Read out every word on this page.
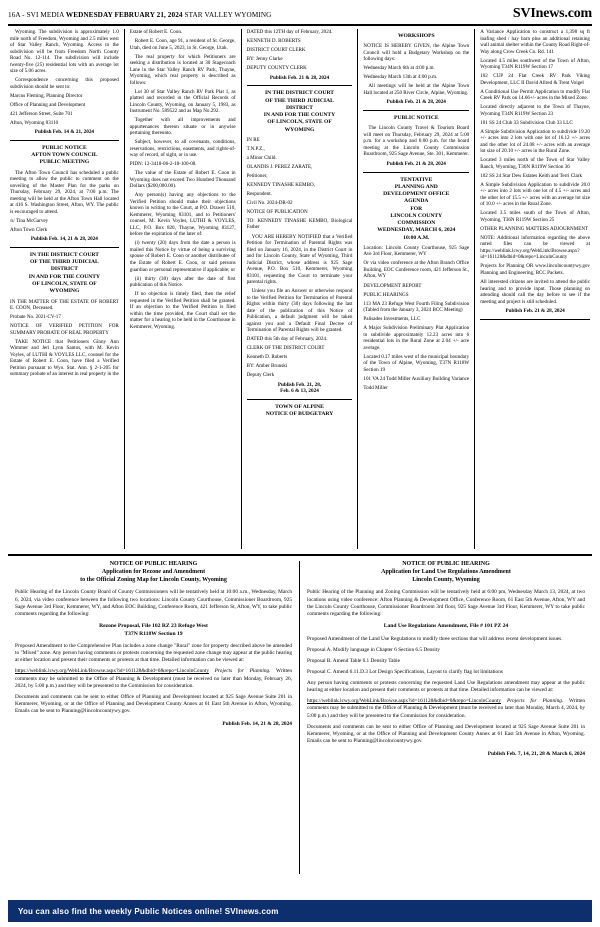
16A - SVI MEDIA WEDNESDAY FEBRUARY 21, 2024 STAR VALLEY WYOMING	SVInews.com

Wyoming. The subdivision is approximately 1.0 mile north of Freedom, Wyoming and 2.5 miles west of Star Valley Ranch, Wyoming. Access to the subdivision will be from Freedom North County Road No. 12-114. The subdivision will include twenty-five (25) residential lots with an average lot size of 5.06 acres.

Correspondence concerning this proposed subdivision should be sent to:

Marcus Fleming, Planning Director

Office of Planning and Development

421 Jefferson Street, Suite 701

Afton, Wyoming 83110

Publish Feb. 14 & 21, 2024
PUBLIC NOTICE
AFTON TOWN COUNCIL
PUBLIC MEETING

The Afton Town Council has scheduled a public meeting to allow the public to comment on the unveiling of the Master Plan for the parks on Thursday, February 29, 2024, at 7:00 p.m. The meeting will be held at the Afton Town Hall located at 416 S. Washington Street, Afton, WY. The public is encouraged to attend.

/s/ Tina McGarvey

Afton Town Clerk

Publish Feb. 14, 21 & 28, 2024
IN THE DISTRICT COURT
OF THE THIRD JUDICIAL
DISTRICT
IN AND FOR THE COUNTY
OF LINCOLN, STATE OF
WYOMING

IN THE MATTER OF THE ESTATE OF ROBERT E. COON, Deceased.

Probate No. 2021-CV-17

NOTICE OF VERIFIED PETITION FOR SUMMARY PROBATE OF REAL PROPERTY

TAKE NOTICE that Petitioners Ginny Ann Wimmer and Jeri Lynn Santos, with M. Kevin Voyles, of LUTHI & VOYLES LLC, counsel for the Estate of Robert E. Coon, have filed a Verified Petition pursuant to Wyo. Stat. Ann. § 2-1-205 for summary probate of an interest in real property in the

Estate of Robert E. Coon.

Robert E. Coon, age 91, a resident of St. George, Utah, died on June 5, 2023, in St. George, Utah.

The real property for which Petitioners are seeking a distribution is located at 30 Stagecoach Lane in the Star Valley Ranch RV Park, Thayne, Wyoming, which real property is described as follows:

Lot 30 of Star Valley Ranch RV Park Plat 1, as platted and recorded in the Official Records of Lincoln County, Wyoming, on January 5, 1983, as Instrument No. 589522 and as Map No.292.

Together with all improvements and appurtenances thereon situate or in anywise pertaining thereunto.

Subject, however, to all covenants, conditions, reservations, restrictions, easements, and rights-of-way of record, of sight, or in use.

PIDN: 12-3418-06-2-18-100-08.

The value of the Estate of Robert E. Coon in Wyoming does not exceed Two Hundred Thousand Dollars ($200,000.00).

Any person(s) having any objections to the Verified Petition should make their objections known in writing to the Court, at P.O. Drawer 510, Kemmerer, Wyoming 83101, and to Petitioners' counsel, M. Kevin Voyles, LUTHI & VOYLES, LLC, P.O. Box 820, Thayne, Wyoming 83127, before the expiration of the later of:

(i) twenty (20) days from the date a person is mailed this Notice by virtue of being a surviving spouse of Robert E. Coon or another distributee of the Estate of Robert E. Coon, or said persons guardian or personal representative if applicable; or

(ii) thirty (30) days after the date of first publication of this Notice.

If no objection is timely filed, then the relief requested in the Verified Petition shall be granted. If an objection to the Verified Petition is filed within the time provided, the Court shall set the matter for a hearing to be held in the Courthouse in Kemmerer, Wyoming.

DATED this 12TH day of February, 2024.

KENNETH D. ROBERTS

DISTRICT COURT CLERK

BY: Jenny Clarke

DEPUTY COUNTY CLERK

Publish Feb. 21 & 28, 2024
IN THE DISTRICT COURT
OF THE THIRD JUDICIAL
DISTRICT
IN AND FOR THE COUNTY
OF LINCOLN, STATE OF
WYOMING

IN RE

T.N.P.Z.,

a Minor Child.

OLANDIS J. PEREZ ZARATE,

Petitioner,

KENNEDY TINASHE KEMBO,

Respondent.

Civil No. 2024-DR-02

NOTICE OF PUBLICATION

TO: KENNEDY TINASHE KEMBO, Biological Father

YOU ARE HEREBY NOTIFIED that a Verified Petition for Termination of Parental Rights was filed on January 16, 2024, in the District Court in and for Lincoln County, State of Wyoming, Third Judicial District, whose address is 925 Sage Avenue, P.O. Box 510, Kemmerer, Wyoming 83101, requesting the Court to terminate your parental rights.

Unless you file an Answer or otherwise respond to the Verified Petition for Termination of Parental Rights within thirty (30) days following the last date of the publication of this Notice of Publication, a default judgment will be taken against you and a Default Final Decree of Termination of Parental Rights will be granted.

DATED this 5th day of February, 2024.

CLERK OF THE DISTRICT COURT

Kenneth D. Roberts

BY: Amber Brunski

Deputy Clerk

Publish Feb. 21, 28,
Feb. 6 & 13, 2024
TOWN OF ALPINE
NOTICE OF BUDGETARY
WORKSHOPS

NOTICE IS HEREBY GIVEN, the Alpine Town Council will hold a Budgetary Workshop on the following days:

Wednesday March 6th at 4:00 p.m.

Wednesday March 13th at 4:00 p.m.

All meetings will be held at the Alpine Town Hall located at 250 River Circle, Alpine, Wyoming.

Publish Feb. 21 & 28, 2024
PUBLIC NOTICE

The Lincoln County Travel & Tourism Board will meet on Thursday, February 29, 2024 at 5:00 p.m. for a workshop and 6:00 p.m. for the board meeting at the Lincoln County Commission Boardroom, 925 Sage Avenue, Ste. 301, Kemmerer.

Publish Feb. 21 & 28, 2024
TENTATIVE
PLANNING AND
DEVELOPMENT OFFICE
AGENDA
FOR
LINCOLN COUNTY
COMMISSION
WEDNESDAY, MARCH 6, 2024
10:00 A.M.

Location: Lincoln County Courthouse, 925 Sage Ave 3rd Floor, Kemmerer, WY

Or via video conference at the Afton Branch Office Building, EOC Conference room, 421 Jefferson St., Afton, WY

DEVELOPMENT REPORT

PUBLIC HEARINGS

113 MA 23 Refuge West Fourth Filing Subdivision (Tabled from the January 3, 2024 BCC Meeting)

Palisades Investments, LLC

A Major Subdivision Preliminary Plat Application to subdivide approximately 12.23 acres into 6 residential lots in the Rural Zone at 2.04 +/- acre average.

Located 0.17 miles west of the municipal boundary of the Town of Alpine, Wyoming, T37N R118W Section 19

101 VA 24 Todd Miller Auxiliary Building Variance

Todd Miller

A Variance Application to construct a 1,398 sq ft loafing shed / hay barn plus an additional retaining wall animal shelter within the County Road Right-of-Way along Crow Creek Co. Rd. 141

Located 4.5 miles southwest of the Town of Afton, Wyoming T34N R119W Section 17

102 CUP 24 Flat Creek RV Park Viking Development, LLC II David Allred & Trent Voigel

A Conditional Use Permit Application to modify Flat Creek RV Park on 14.66+/- acres in the Mixed Zone.

Located directly adjacent to the Town of Thayne, Wyoming T34N R119W Section 23

101 SS 24 Club 33 Subdivision Club 33 LLC

A Simple Subdivision Application to subdivide 19.20 +/- acres into 2 lots with one lot of 16.12 +/- acres and the other lot of 24.08 +/- acres with an average lot size of 20.10 +/- acres in the Rural Zone.

Located 3 miles north of the Town of Star Valley Ranch, Wyoming, T36N R119W Section 36

102 SS 24 Star Dew Estates Keith and Terri Clark

A Simple Subdivision Application to subdivide 20.0 +/- acres into 2 lots with one lot of 4.5 +/- acres and the other lot of 15.5 +/- acres with an average lot size of 10.0 +/- acres in the Rural Zone.

Located 3.5 miles south of the Town of Afton, Wyoming, T36N R119W Section 25

OTHER PLANNING MATTERS ADJOURNMENT

NOTE: Additional information regarding the above noted files can be viewed at https://weblink.lcwy.org/WebLink/Browse.aspx?id=161128&dbid=0&repo=LincolnCounty

Projects for Planning OR www.lincolncountywy.gov Planning and Engineering, BCC Packets.

All interested citizens are invited to attend the public hearing and to provide input. Those planning on attending should call the day before to see if the meeting and project is still scheduled.

Publish Feb. 21 & 28, 2024
NOTICE OF PUBLIC HEARING
Application for Rezone and Amendment
to the Official Zoning Map for Lincoln County, Wyoming

Public Hearing of the Lincoln County Board of County Commissioners will be tentatively held at 10:00 a.m., Wednesday, March 6, 2024, via video conference between the following two locations: Lincoln County Courthouse, Commissioner Boardroom, 925 Sage Avenue 3rd Floor, Kemmerer, WY, and Afton EOC Building, Conference Room, 421 Jefferson St, Afton, WY, to take public comments regarding the following:

Rezone Proposal, File 102 RZ 23 Refuge West
T37N R118W Section 19

Proposed Amendment to the Comprehensive Plan includes a zone change "Rural" zone for property described above be amended to "Mixed" zone. Any person having comments or protests concerning the requested zone change may appear at the public hearing at either location and present their comments or protests at that time. Detailed information can be viewed at:

https://weblink.lcwy.org/WebLink/Browse.aspx?id=161128&dbid=0&repo=LincolnCounty Projects for Planning. Written comments may be submitted to the Office of Planning & Development (must be received no later than Monday, February 26, 2024, by 5:00 p.m.) and they will be presented to the Commission for consideration.

Documents and comments can be sent to either Office of Planning and Development located at 925 Sage Avenue Suite 201 in Kemmerer, Wyoming, or at the Office of Planning and Development County Annex at 61 East 5th Avenue in Afton, Wyoming. Emails can be sent to Planning@lincolncountywy.gov.

Publish Feb. 14, 21 & 28, 2024
NOTICE OF PUBLIC HEARING
Application for Land Use Regulations Amendment
Lincoln County, Wyoming

Public Hearing of the Planning and Zoning Commission will be tentatively held at 6:00 pm, Wednesday March 13, 2024, at two locations using video conference: Afton Planning & Development Office, Conference Room, 61 East 5th Avenue, Afton, WY and the Lincoln County Courthouse, Commissioner Boardroom 3rd floor, 925 Sage Avenue 3rd Floor, Kemmerer, WY to take public comments regarding the following:

Land Use Regulations Amendment, File # 101 PZ 24

Proposed Amendment of the Land Use Regulations to modify three sections that will address recent development issues.

Proposal A. Modify language in Chapter 6 Section 6.5 Density

Proposal B. Amend Table 6.1 Density Table

Proposal C. Amend 6.11.D.3 Lot Design Specifications, Layout to clarify flag lot limitations

Any person having comments or protests concerning the requested Land Use Regulations amendment may appear at the public hearing at either location and present their comments or protests at that time. Detailed information can be viewed at:

https://weblink.lcwy.org/WebLink/Browse.aspx?id=161128&dbid=0&repo=LincolnCounty Projects for Planning. Written comments may be submitted to the Office of Planning & Development (must be received no later than Monday, March 4, 2024, by 5:00 p.m.) and they will be presented to the Commission for consideration.

Documents and comments can be sent to either Office of Planning and Development located at 925 Sage Avenue Suite 201 in Kemmerer, Wyoming, or at the Office of Planning and Development County Annex at 61 East 5th Avenue in Afton, Wyoming. Emails can be sent to Planning@lincolncountywy.gov.

Publish Feb. 7, 14, 21, 28 & March 6, 2024
You can also find the weekly Public Notices online! SVInews.com
